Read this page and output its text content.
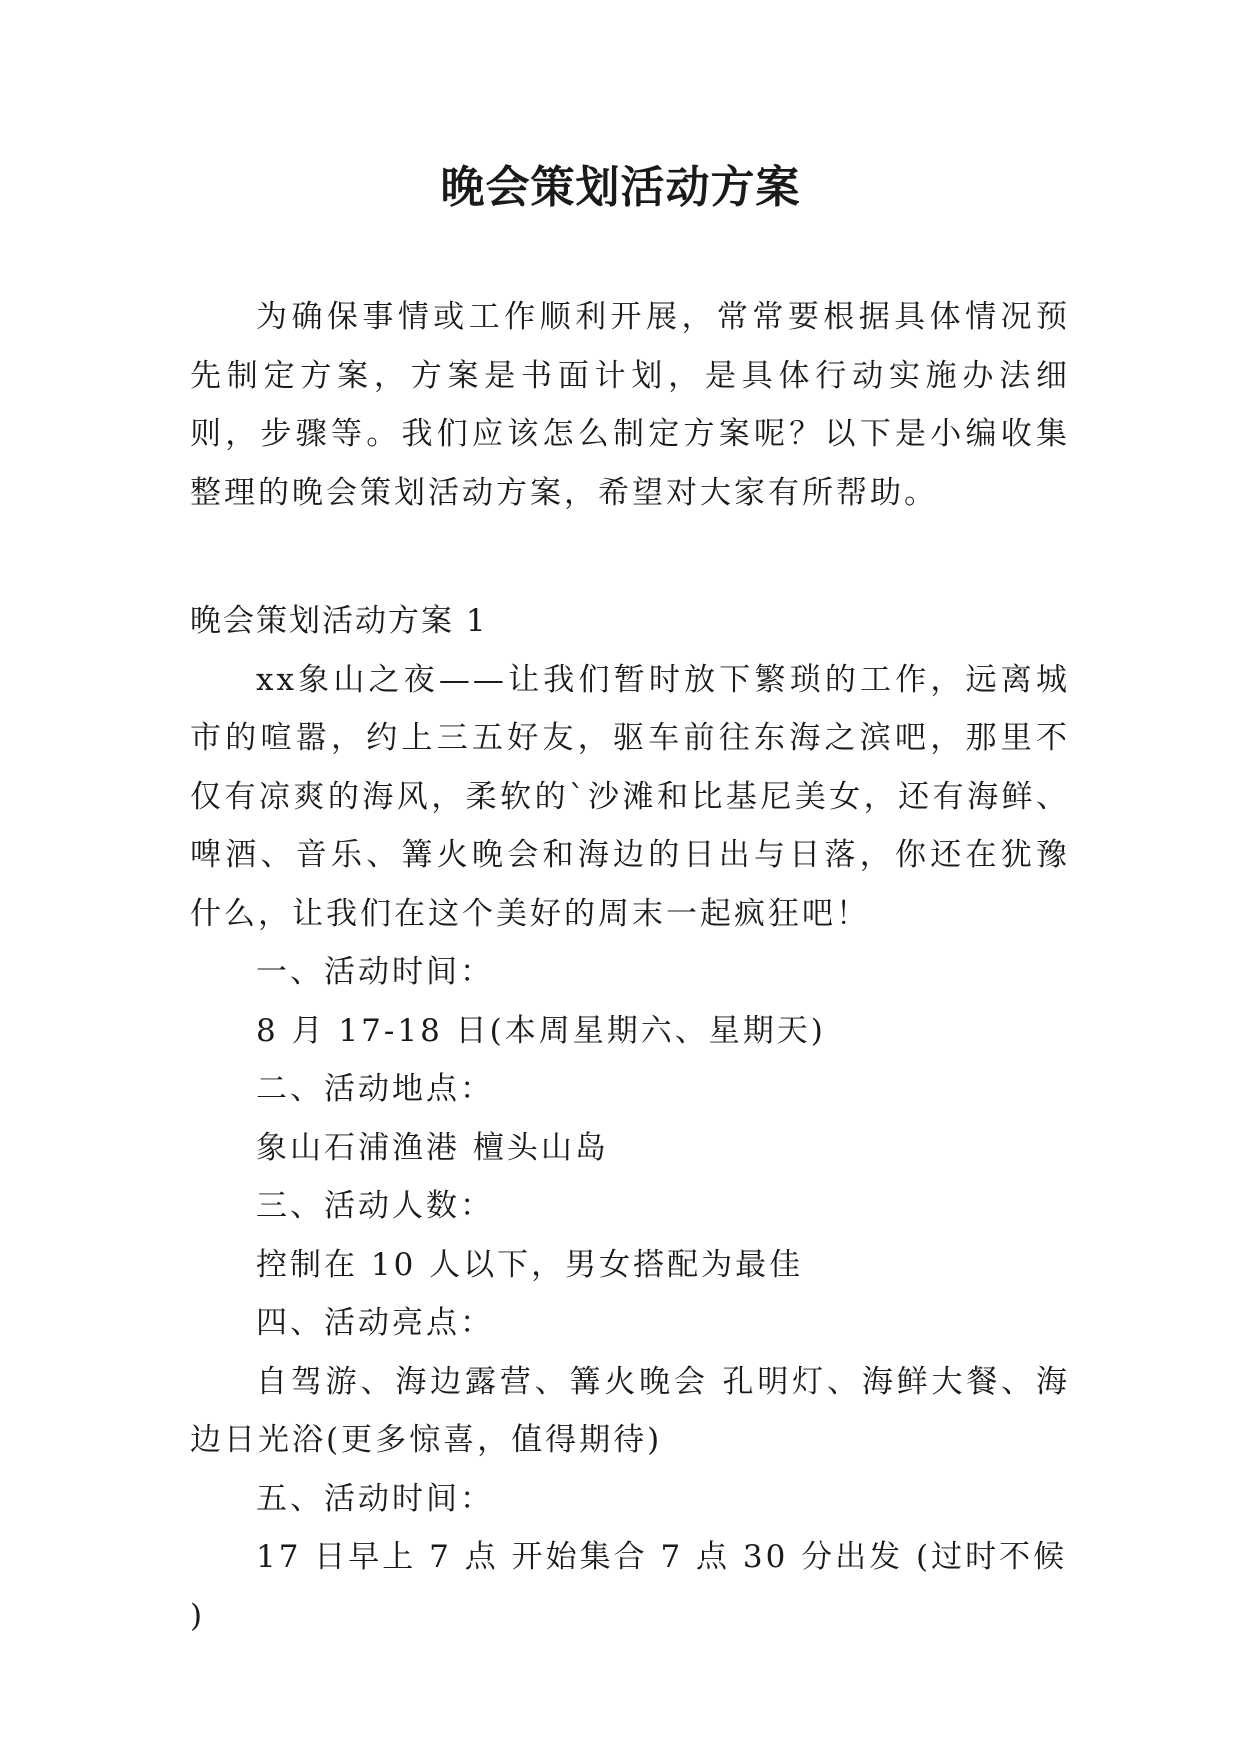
晚会策划活动方案

为确保事情或工作顺利开展，常常要根据具体情况预先制定方案，方案是书面计划，是具体行动实施办法细则，步骤等。我们应该怎么制定方案呢？以下是小编收集整理的晚会策划活动方案，希望对大家有所帮助。

晚会策划活动方案 1

xx象山之夜——让我们暂时放下繁琐的工作，远离城市的喧嚣，约上三五好友，驱车前往东海之滨吧，那里不仅有凉爽的海风，柔软的`沙滩和比基尼美女，还有海鲜、啤酒、音乐、篝火晚会和海边的日出与日落，你还在犹豫什么，让我们在这个美好的周末一起疯狂吧！

一、活动时间：

8 月 17-18 日(本周星期六、星期天)

二、活动地点：

象山石浦渔港 檀头山岛

三、活动人数：

控制在 10 人以下，男女搭配为最佳

四、活动亮点：

自驾游、海边露营、篝火晚会 孔明灯、海鲜大餐、海边日光浴(更多惊喜，值得期待)

五、活动时间：

17 日早上 7 点 开始集合 7 点 30 分出发 (过时不候 )
